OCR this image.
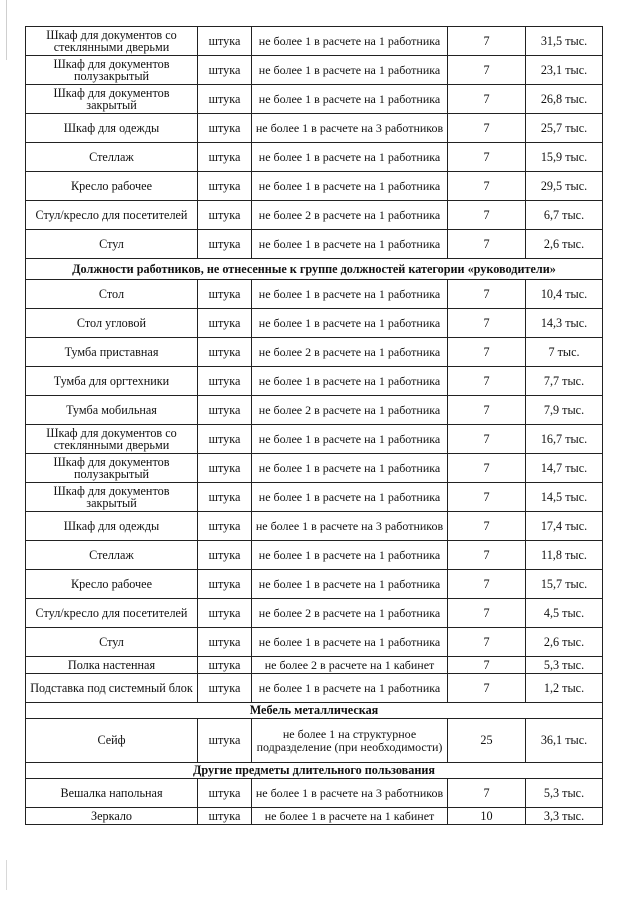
Шкаф для документов со стеклянными дверьми	штука	не более 1 в расчете на 1 работника	7	31,5 тыс.
Шкаф для документов полузакрытый	штука	не более 1 в расчете на 1 работника	7	23,1 тыс.
Шкаф для документов закрытый	штука	не более 1 в расчете на 1 работника	7	26,8 тыс.
Шкаф для одежды	штука	не более 1 в расчете на 3 работников	7	25,7 тыс.
Стеллаж	штука	не более 1 в расчете на 1 работника	7	15,9 тыс.
Кресло рабочее	штука	не более 1 в расчете на 1 работника	7	29,5 тыс.
Стул/кресло для посетителей	штука	не более 2 в расчете на 1 работника	7	6,7 тыс.
Стул	штука	не более 1 в расчете на 1 работника	7	2,6 тыс.
Должности работников, не отнесенные к группе должностей категории «руководители»				
Стол	штука	не более 1 в расчете на 1 работника	7	10,4 тыс.
Стол угловой	штука	не более 1 в расчете на 1 работника	7	14,3 тыс.
Тумба приставная	штука	не более 2 в расчете на 1 работника	7	7 тыс.
Тумба для оргтехники	штука	не более 1 в расчете на 1 работника	7	7,7 тыс.
Тумба мобильная	штука	не более 2 в расчете на 1 работника	7	7,9 тыс.
Шкаф для документов со стеклянными дверьми	штука	не более 1 в расчете на 1 работника	7	16,7 тыс.
Шкаф для документов полузакрытый	штука	не более 1 в расчете на 1 работника	7	14,7 тыс.
Шкаф для документов закрытый	штука	не более 1 в расчете на 1 работника	7	14,5 тыс.
Шкаф для одежды	штука	не более 1 в расчете на 3 работников	7	17,4 тыс.
Стеллаж	штука	не более 1 в расчете на 1 работника	7	11,8 тыс.
Кресло рабочее	штука	не более 1 в расчете на 1 работника	7	15,7 тыс.
Стул/кресло для посетителей	штука	не более 2 в расчете на 1 работника	7	4,5 тыс.
Стул	штука	не более 1 в расчете на 1 работника	7	2,6 тыс.
Полка настенная	штука	не более 2 в расчете на 1 кабинет	7	5,3 тыс.
Подставка под системный блок	штука	не более 1 в расчете на 1 работника	7	1,2 тыс.
Мебель металлическая				
Сейф	штука	не более 1 на структурное подразделение (при необходимости)	25	36,1 тыс.
Другие предметы длительного пользования				
Вешалка напольная	штука	не более 1 в расчете на 3 работников	7	5,3 тыс.
Зеркало	штука	не более 1 в расчете на 1 кабинет	10	3,3 тыс.
